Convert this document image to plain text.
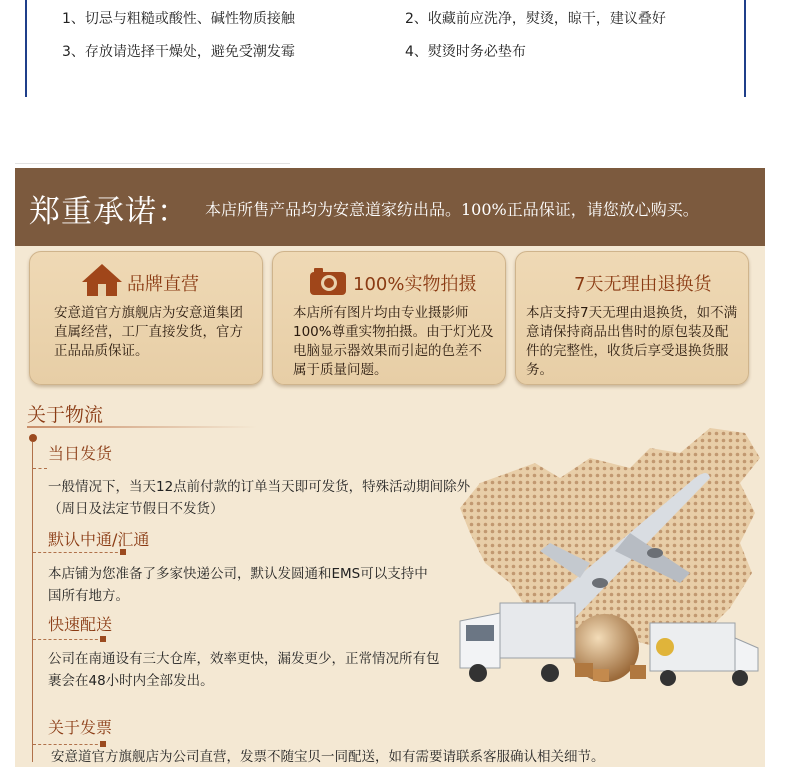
1、切忌与粗糙或酸性、碱性物质接触	2、收藏前应洗净，熨烫，晾干，建议叠好
3、存放请选择干燥处，避免受潮发霉	4、熨烫时务必垫布
郑重承诺： 本店所售产品均为安意道家纺出品。100%正品保证，请您放心购买。
品牌直营
安意道官方旗舰店为安意道集团直属经营，工厂直接发货，官方正品品质保证。
100%实物拍摄
本店所有图片均由专业摄影师100%尊重实物拍摄。由于灯光及电脑显示器效果而引起的色差不属于质量问题。
7天无理由退换货
本店支持7天无理由退换货，如不满意请保持商品出售时的原包装及配件的完整性，收货后享受退换货服务。
关于物流
当日发货
一般情况下，当天12点前付款的订单当天即可发货，特殊活动期间除外（周日及法定节假日不发货）
默认中通/汇通
本店铺为您准备了多家快递公司，默认发圆通和EMS可以支持中国所有地方。
快速配送
公司在南通设有三大仓库，效率更快，漏发更少，正常情况所有包裹会在48小时内全部发出。
关于发票
安意道官方旗舰店为公司直营，发票不随宝贝一同配送，如有需要请联系客服确认相关细节。
